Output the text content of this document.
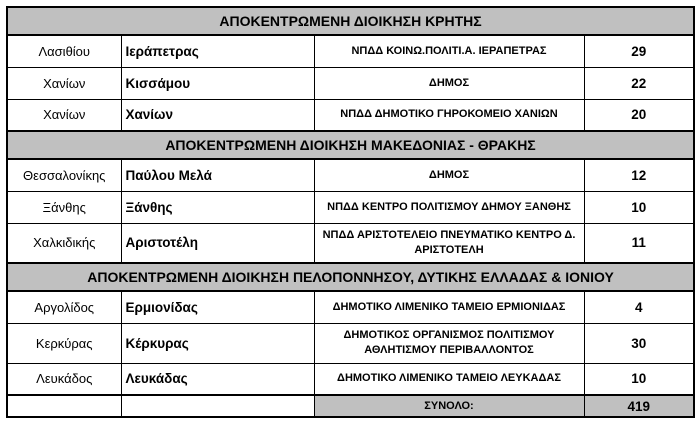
ΑΠΟΚΕΝΤΡΩΜΕΝΗ ΔΙΟΙΚΗΣΗ ΚΡΗΤΗΣ			
Λασιθίου	Ιεράπετρας	ΝΠΔΔ ΚΟΙΝΩ.ΠΟΛΙΤΙ.Α. ΙΕΡΑΠΕΤΡΑΣ	29
Χανίων	Κισσάμου	ΔΗΜΟΣ	22
Χανίων	Χανίων	ΝΠΔΔ ΔΗΜΟΤΙΚΟ ΓΗΡΟΚΟΜΕΙΟ ΧΑΝΙΩΝ	20
ΑΠΟΚΕΝΤΡΩΜΕΝΗ ΔΙΟΙΚΗΣΗ ΜΑΚΕΔΟΝΙΑΣ - ΘΡΑΚΗΣ			
Θεσσαλονίκης	Παύλου Μελά	ΔΗΜΟΣ	12
Ξάνθης	Ξάνθης	ΝΠΔΔ ΚΕΝΤΡΟ ΠΟΛΙΤΙΣΜΟΥ ΔΗΜΟΥ ΞΑΝΘΗΣ	10
Χαλκιδικής	Αριστοτέλη	ΝΠΔΔ ΑΡΙΣΤΟΤΕΛΕΙΟ ΠΝΕΥΜΑΤΙΚΟ ΚΕΝΤΡΟ Δ. ΑΡΙΣΤΟΤΕΛΗ	11
ΑΠΟΚΕΝΤΡΩΜΕΝΗ ΔΙΟΙΚΗΣΗ ΠΕΛΟΠΟΝΝΗΣΟΥ, ΔΥΤΙΚΗΣ ΕΛΛΑΔΑΣ & ΙΟΝΙΟΥ			
Αργολίδος	Ερμιονίδας	ΔΗΜΟΤΙΚΟ ΛΙΜΕΝΙΚΟ ΤΑΜΕΙΟ ΕΡΜΙΟΝΙΔΑΣ	4
Κερκύρας	Κέρκυρας	ΔΗΜΟΤΙΚΟΣ ΟΡΓΑΝΙΣΜΟΣ ΠΟΛΙΤΙΣΜΟΥ ΑΘΛΗΤΙΣΜΟΥ ΠΕΡΙΒΑΛΛΟΝΤΟΣ	30
Λευκάδος	Λευκάδας	ΔΗΜΟΤΙΚΟ ΛΙΜΕΝΙΚΟ ΤΑΜΕΙΟ ΛΕΥΚΑΔΑΣ	10
		ΣΥΝΟΛΟ:	419
